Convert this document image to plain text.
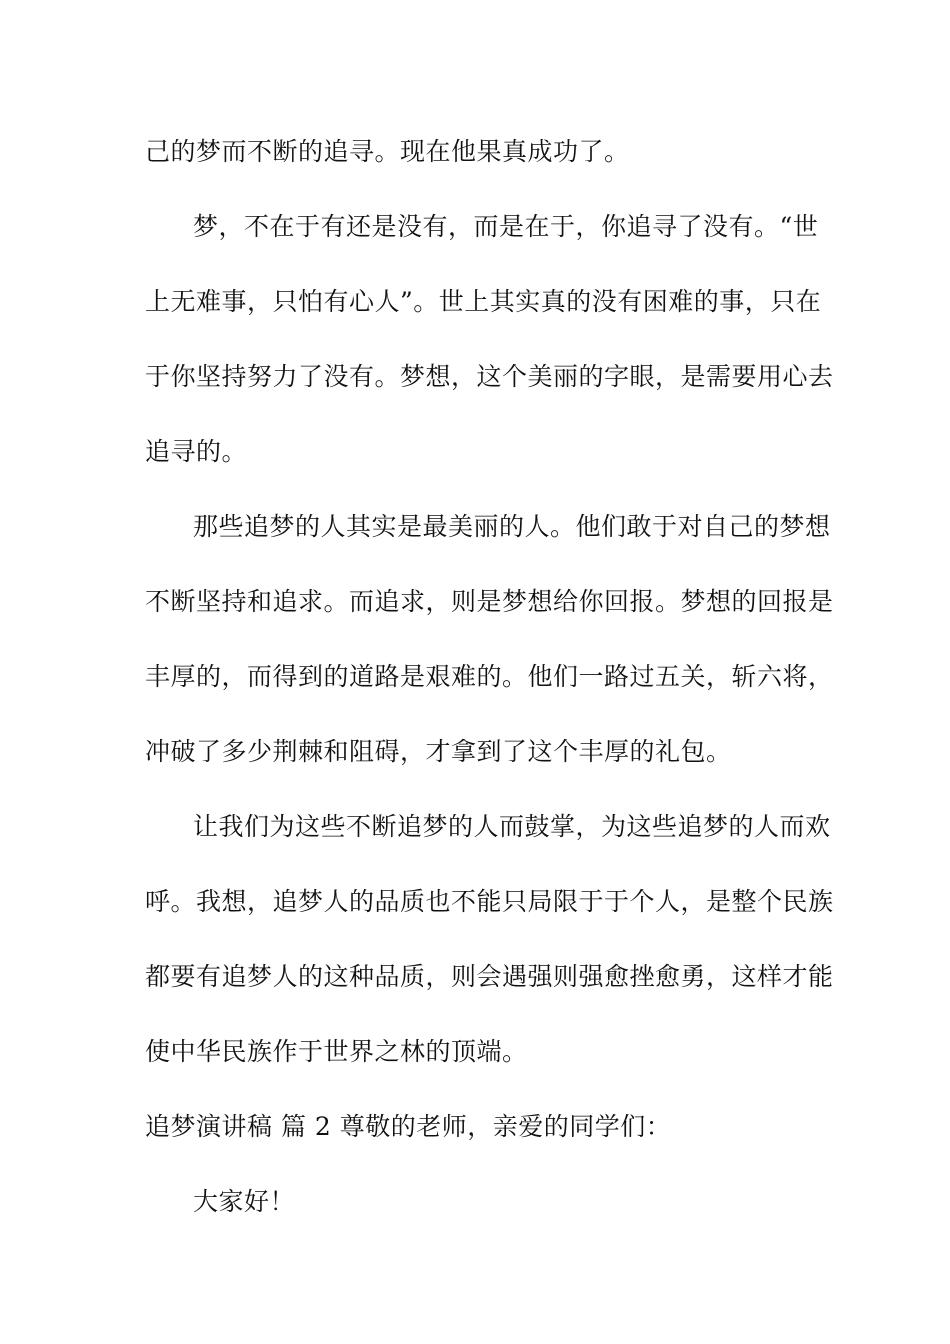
己的梦而不断的追寻。现在他果真成功了。
梦，不在于有还是没有，而是在于，你追寻了没有。“世
上无难事，只怕有心人”。世上其实真的没有困难的事，只在
于你坚持努力了没有。梦想，这个美丽的字眼，是需要用心去
追寻的。
那些追梦的人其实是最美丽的人。他们敢于对自己的梦想
不断坚持和追求。而追求，则是梦想给你回报。梦想的回报是
丰厚的，而得到的道路是艰难的。他们一路过五关，斩六将，
冲破了多少荆棘和阻碍，才拿到了这个丰厚的礼包。
让我们为这些不断追梦的人而鼓掌，为这些追梦的人而欢
呼。我想，追梦人的品质也不能只局限于于个人，是整个民族
都要有追梦人的这种品质，则会遇强则强愈挫愈勇，这样才能
使中华民族作于世界之林的顶端。
追梦演讲稿 篇 2 尊敬的老师，亲爱的同学们：
大家好！
